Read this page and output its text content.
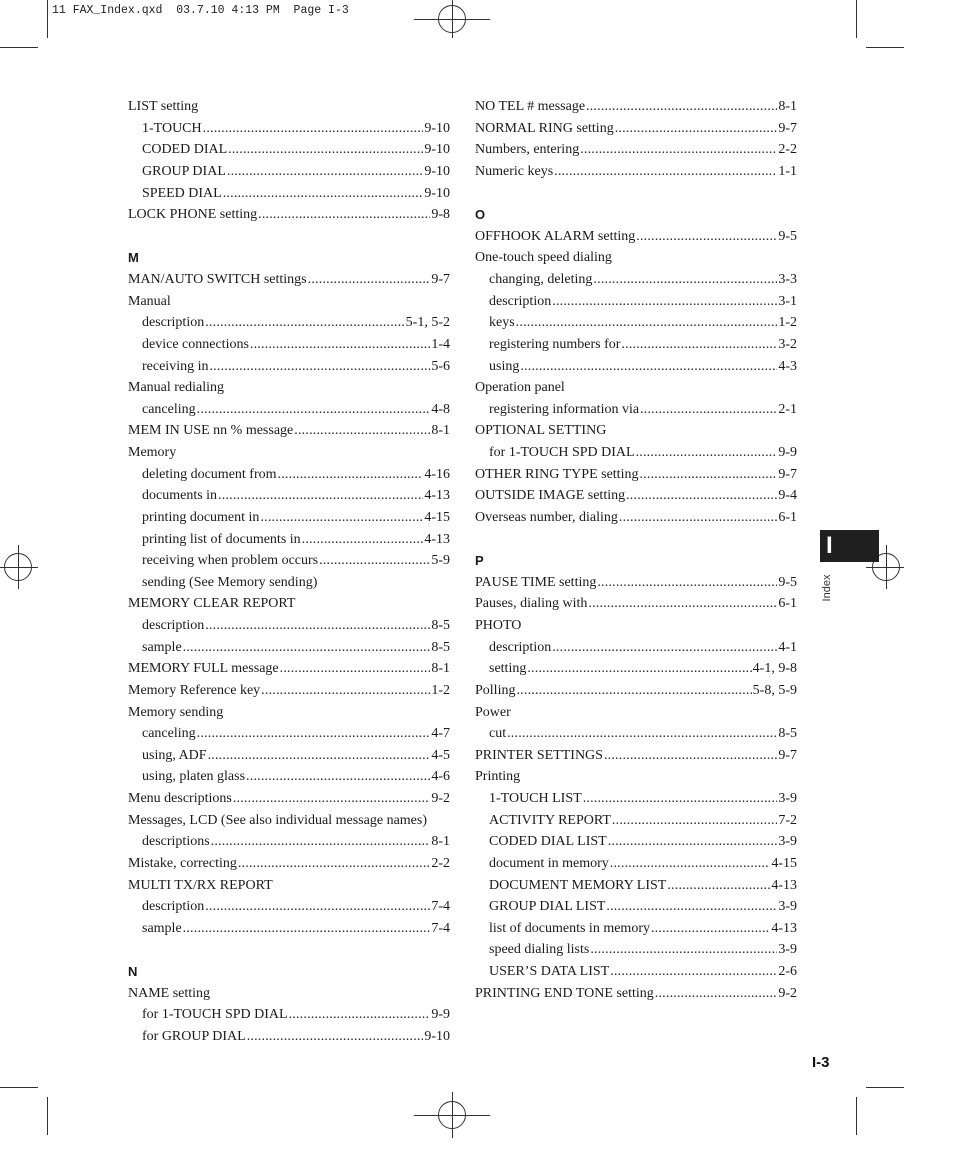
11 FAX_Index.qxd  03.7.10 4:13 PM  Page I-3
LIST setting
1-TOUCH .....	9-10
CODED DIAL .....	9-10
GROUP DIAL .....	9-10
SPEED DIAL .....	9-10
LOCK PHONE setting .....	9-8
M
MAN/AUTO SWITCH settings .....	9-7
Manual
description .....	5-1, 5-2
device connections .....	1-4
receiving in .....	5-6
Manual redialing
canceling .....	4-8
MEM IN USE nn % message .....	8-1
Memory
deleting document from .....	4-16
documents in .....	4-13
printing document in .....	4-15
printing list of documents in .....	4-13
receiving when problem occurs .....	5-9
sending (See Memory sending)
MEMORY CLEAR REPORT
description .....	8-5
sample .....	8-5
MEMORY FULL message .....	8-1
Memory Reference key .....	1-2
Memory sending
canceling .....	4-7
using, ADF .....	4-5
using, platen glass .....	4-6
Menu descriptions .....	9-2
Messages, LCD (See also individual message names)
descriptions .....	8-1
Mistake, correcting .....	2-2
MULTI TX/RX REPORT
description .....	7-4
sample .....	7-4
N
NAME setting
for 1-TOUCH SPD DIAL .....	9-9
for GROUP DIAL .....	9-10
NO TEL # message .....	8-1
NORMAL RING setting .....	9-7
Numbers, entering .....	2-2
Numeric keys .....	1-1
O
OFFHOOK ALARM setting .....	9-5
One-touch speed dialing
changing, deleting .....	3-3
description .....	3-1
keys .....	1-2
registering numbers for .....	3-2
using .....	4-3
Operation panel
registering information via .....	2-1
OPTIONAL SETTING
for 1-TOUCH SPD DIAL .....	9-9
OTHER RING TYPE setting .....	9-7
OUTSIDE IMAGE setting .....	9-4
Overseas number, dialing .....	6-1
P
PAUSE TIME setting .....	9-5
Pauses, dialing with .....	6-1
PHOTO
description .....	4-1
setting .....	4-1, 9-8
Polling .....	5-8, 5-9
Power
cut .....	8-5
PRINTER SETTINGS .....	9-7
Printing
1-TOUCH LIST .....	3-9
ACTIVITY REPORT .....	7-2
CODED DIAL LIST .....	3-9
document in memory .....	4-15
DOCUMENT MEMORY LIST .....	4-13
GROUP DIAL LIST .....	3-9
list of documents in memory .....	4-13
speed dialing lists .....	3-9
USER’S DATA LIST .....	2-6
PRINTING END TONE setting .....	9-2
I
Index
I-3
